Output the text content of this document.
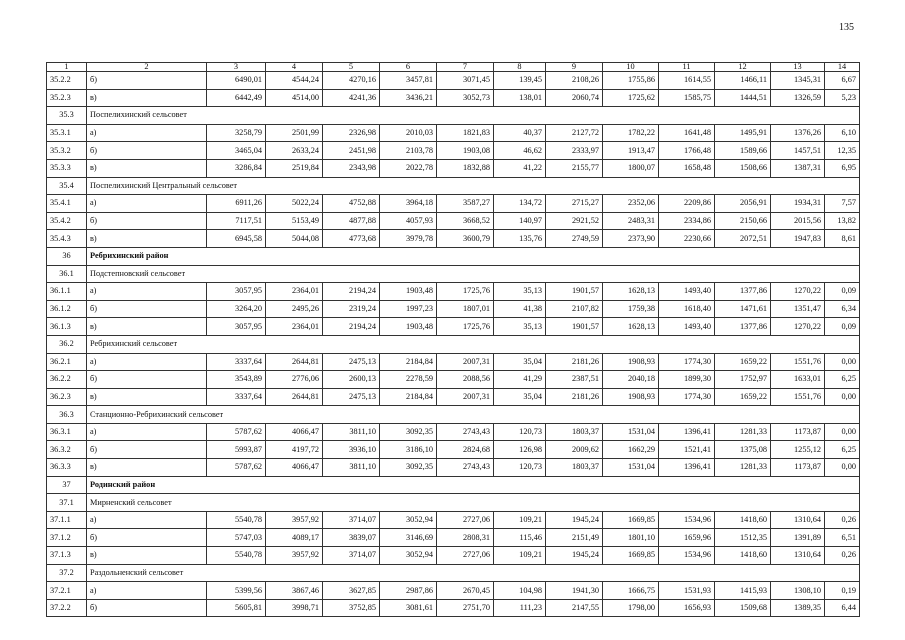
135
1	2	3	4	5	6	7	8	9	10	11	12	13	14
35.2.2	б)	6490,01	4544,24	4270,16	3457,81	3071,45	139,45	2108,26	1755,86	1614,55	1466,11	1345,31	6,67
35.2.3	в)	6442,49	4514,00	4241,36	3436,21	3052,73	138,01	2060,74	1725,62	1585,75	1444,51	1326,59	5,23
35.3	Поспелихинский сельсовет												
35.3.1	а)	3258,79	2501,99	2326,98	2010,03	1821,83	40,37	2127,72	1782,22	1641,48	1495,91	1376,26	6,10
35.3.2	б)	3465,04	2633,24	2451,98	2103,78	1903,08	46,62	2333,97	1913,47	1766,48	1589,66	1457,51	12,35
35.3.3	в)	3286,84	2519,84	2343,98	2022,78	1832,88	41,22	2155,77	1800,07	1658,48	1508,66	1387,31	6,95
35.4	Поспелихинский Центральный сельсовет												
35.4.1	а)	6911,26	5022,24	4752,88	3964,18	3587,27	134,72	2715,27	2352,06	2209,86	2056,91	1934,31	7,57
35.4.2	б)	7117,51	5153,49	4877,88	4057,93	3668,52	140,97	2921,52	2483,31	2334,86	2150,66	2015,56	13,82
35.4.3	в)	6945,58	5044,08	4773,68	3979,78	3600,79	135,76	2749,59	2373,90	2230,66	2072,51	1947,83	8,61
36	Ребрихинский район												
36.1	Подстепновский сельсовет												
36.1.1	а)	3057,95	2364,01	2194,24	1903,48	1725,76	35,13	1901,57	1628,13	1493,40	1377,86	1270,22	0,09
36.1.2	б)	3264,20	2495,26	2319,24	1997,23	1807,01	41,38	2107,82	1759,38	1618,40	1471,61	1351,47	6,34
36.1.3	в)	3057,95	2364,01	2194,24	1903,48	1725,76	35,13	1901,57	1628,13	1493,40	1377,86	1270,22	0,09
36.2	Ребрихинский сельсовет												
36.2.1	а)	3337,64	2644,81	2475,13	2184,84	2007,31	35,04	2181,26	1908,93	1774,30	1659,22	1551,76	0,00
36.2.2	б)	3543,89	2776,06	2600,13	2278,59	2088,56	41,29	2387,51	2040,18	1899,30	1752,97	1633,01	6,25
36.2.3	в)	3337,64	2644,81	2475,13	2184,84	2007,31	35,04	2181,26	1908,93	1774,30	1659,22	1551,76	0,00
36.3	Станционно-Ребрихинский сельсовет												
36.3.1	а)	5787,62	4066,47	3811,10	3092,35	2743,43	120,73	1803,37	1531,04	1396,41	1281,33	1173,87	0,00
36.3.2	б)	5993,87	4197,72	3936,10	3186,10	2824,68	126,98	2009,62	1662,29	1521,41	1375,08	1255,12	6,25
36.3.3	в)	5787,62	4066,47	3811,10	3092,35	2743,43	120,73	1803,37	1531,04	1396,41	1281,33	1173,87	0,00
37	Родинский район												
37.1	Мирненский сельсовет												
37.1.1	а)	5540,78	3957,92	3714,07	3052,94	2727,06	109,21	1945,24	1669,85	1534,96	1418,60	1310,64	0,26
37.1.2	б)	5747,03	4089,17	3839,07	3146,69	2808,31	115,46	2151,49	1801,10	1659,96	1512,35	1391,89	6,51
37.1.3	в)	5540,78	3957,92	3714,07	3052,94	2727,06	109,21	1945,24	1669,85	1534,96	1418,60	1310,64	0,26
37.2	Раздольненский сельсовет												
37.2.1	а)	5399,56	3867,46	3627,85	2987,86	2670,45	104,98	1941,30	1666,75	1531,93	1415,93	1308,10	0,19
37.2.2	б)	5605,81	3998,71	3752,85	3081,61	2751,70	111,23	2147,55	1798,00	1656,93	1509,68	1389,35	6,44
